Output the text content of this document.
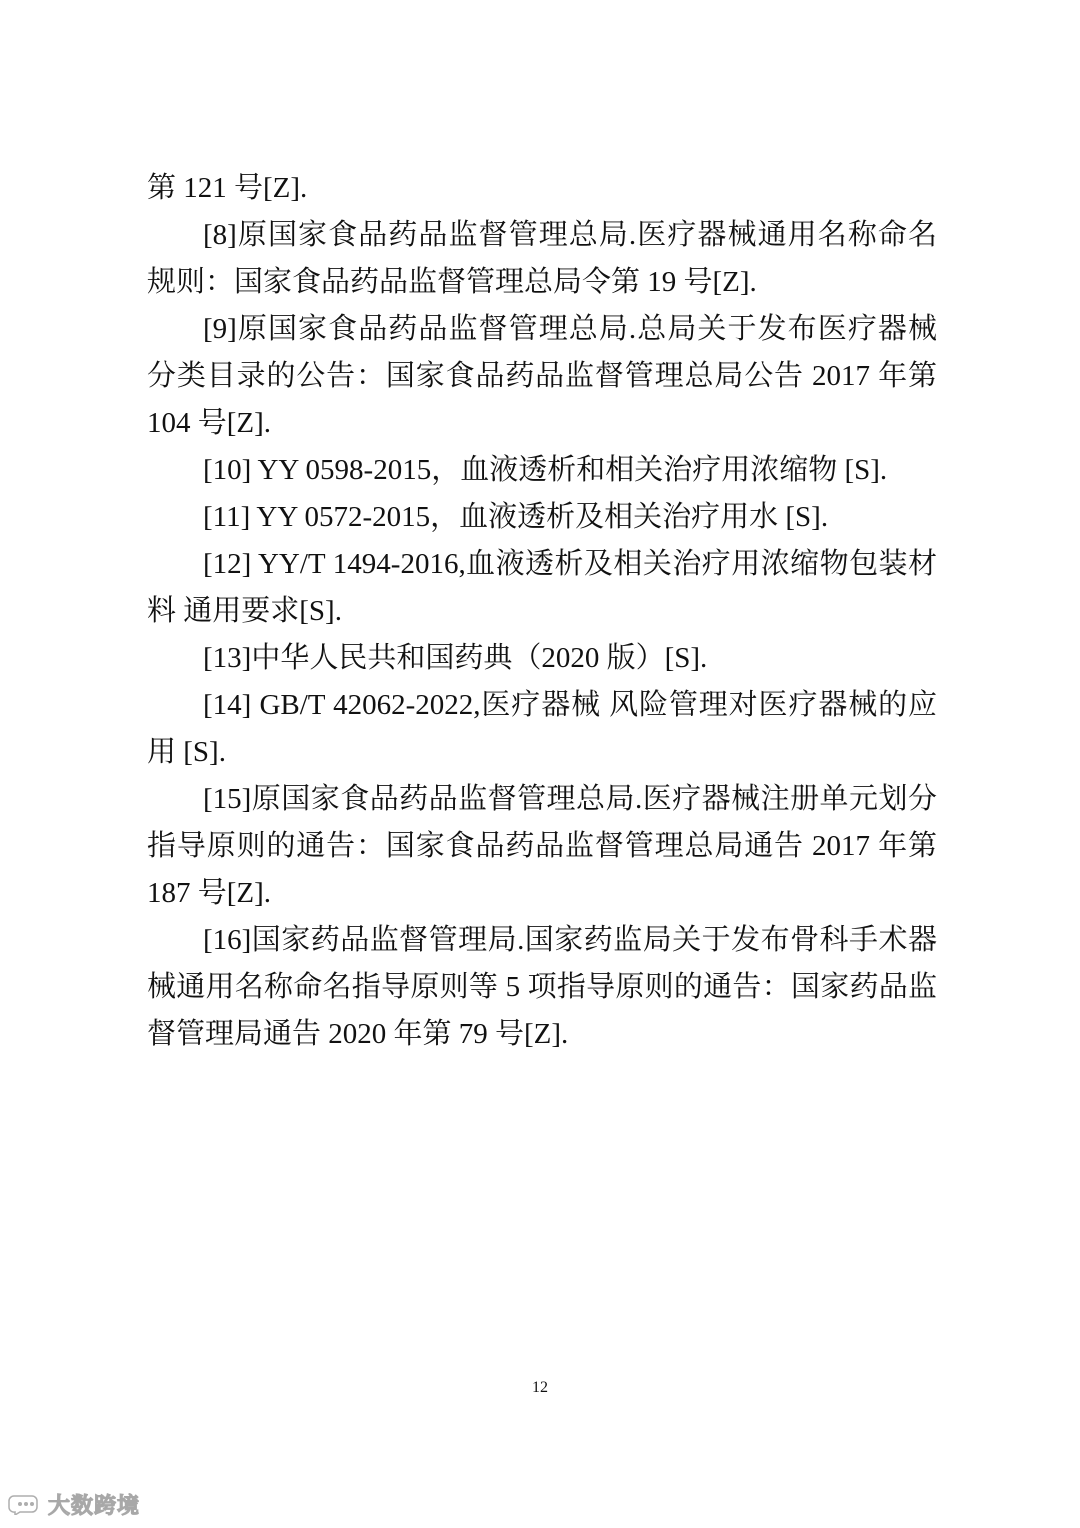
第 121 号[Z].
[8]原国家食品药品监督管理总局.医疗器械通用名称命名
规则：国家食品药品监督管理总局令第 19 号[Z].
[9]原国家食品药品监督管理总局.总局关于发布医疗器械
分类目录的公告：国家食品药品监督管理总局公告 2017 年第
104 号[Z].
[10] YY 0598-2015，血液透析和相关治疗用浓缩物 [S].
[11] YY 0572-2015，血液透析及相关治疗用水 [S].
[12] YY/T 1494-2016,血液透析及相关治疗用浓缩物包装材
料 通用要求[S].
[13]中华人民共和国药典（2020 版）[S].
[14] GB/T 42062-2022,医疗器械 风险管理对医疗器械的应
用 [S].
[15]原国家食品药品监督管理总局.医疗器械注册单元划分
指导原则的通告：国家食品药品监督管理总局通告 2017 年第
187 号[Z].
[16]国家药品监督管理局.国家药监局关于发布骨科手术器
械通用名称命名指导原则等 5 项指导原则的通告：国家药品监
督管理局通告 2020 年第 79 号[Z].
12
大数跨境
